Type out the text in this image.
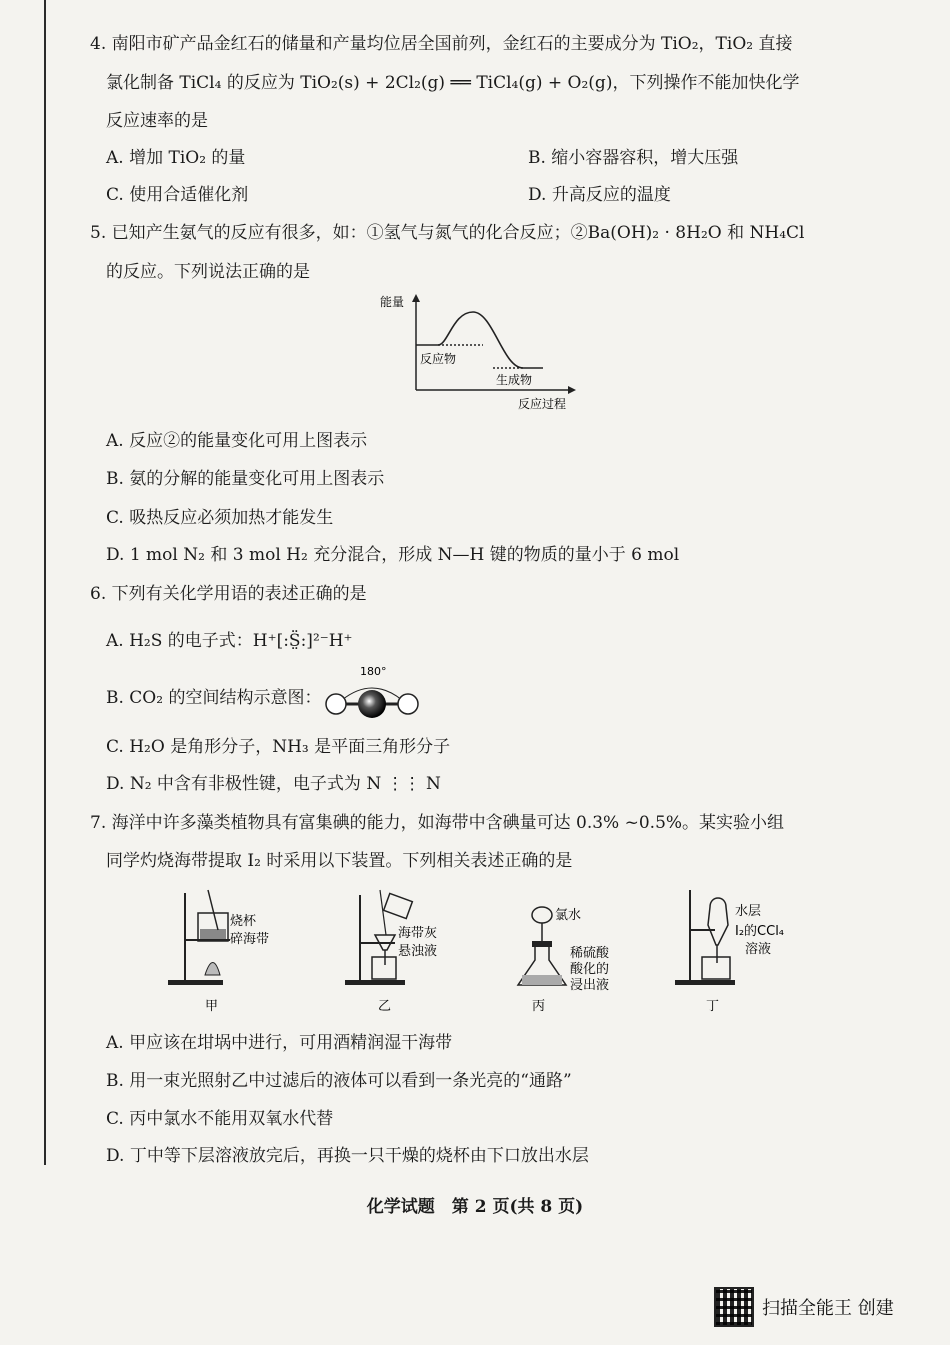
4. 南阳市矿产品金红石的储量和产量均位居全国前列，金红石的主要成分为 TiO₂，TiO₂ 直接
氯化制备 TiCl₄ 的反应为 TiO₂(s) + 2Cl₂(g) ══ TiCl₄(g) + O₂(g)，下列操作不能加快化学
反应速率的是
A. 增加 TiO₂ 的量	B. 缩小容器容积，增大压强
C. 使用合适催化剂	D. 升高反应的温度
5. 已知产生氨气的反应有很多，如：①氢气与氮气的化合反应；②Ba(OH)₂ · 8H₂O 和 NH₄Cl
的反应。下列说法正确的是
能量
反应物
生成物
反应过程
A. 反应②的能量变化可用上图表示
B. 氨的分解的能量变化可用上图表示
C. 吸热反应必须加热才能发生
D. 1 mol N₂ 和 3 mol H₂ 充分混合，形成 N—H 键的物质的量小于 6 mol
6. 下列有关化学用语的表述正确的是
A. H₂S 的电子式：H⁺[:S̤̈:]²⁻H⁺
B. CO₂ 的空间结构示意图：
180°
C. H₂O 是角形分子，NH₃ 是平面三角形分子
D. N₂ 中含有非极性键，电子式为 N ⋮⋮ N
7. 海洋中许多藻类植物具有富集碘的能力，如海带中含碘量可达 0.3% ~0.5%。某实验小组
同学灼烧海带提取 I₂ 时采用以下装置。下列相关表述正确的是
烧杯
碎海带
甲
海带灰
悬浊液
乙
氯水
稀硫酸
酸化的
浸出液
丙
水层
I₂的CCl₄
溶液
丁
A. 甲应该在坩埚中进行，可用酒精润湿干海带
B. 用一束光照射乙中过滤后的液体可以看到一条光亮的“通路”
C. 丙中氯水不能用双氧水代替
D. 丁中等下层溶液放完后，再换一只干燥的烧杯由下口放出水层
化学试题　第 2 页(共 8 页)
扫描全能王 创建
